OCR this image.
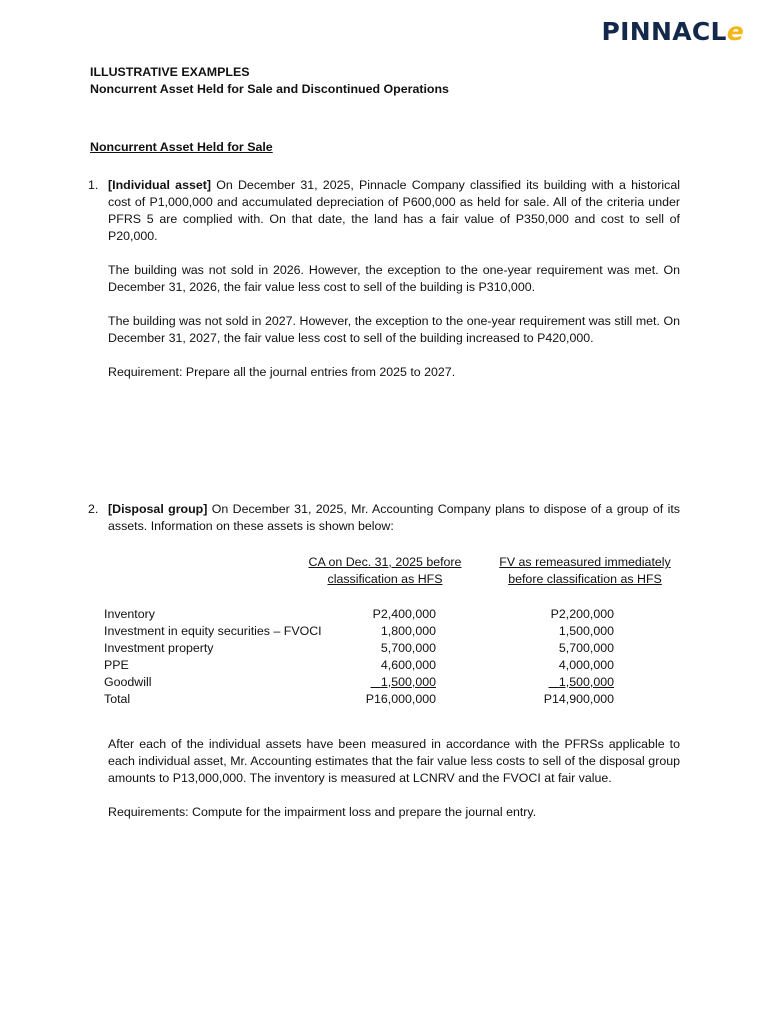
PINNACLe
ILLUSTRATIVE EXAMPLES
Noncurrent Asset Held for Sale and Discontinued Operations
Noncurrent Asset Held for Sale
1. [Individual asset] On December 31, 2025, Pinnacle Company classified its building with a historical cost of P1,000,000 and accumulated depreciation of P600,000 as held for sale. All of the criteria under PFRS 5 are complied with. On that date, the land has a fair value of P350,000 and cost to sell of P20,000.

The building was not sold in 2026. However, the exception to the one-year requirement was met. On December 31, 2026, the fair value less cost to sell of the building is P310,000.

The building was not sold in 2027. However, the exception to the one-year requirement was still met. On December 31, 2027, the fair value less cost to sell of the building increased to P420,000.

Requirement: Prepare all the journal entries from 2025 to 2027.

2. [Disposal group] On December 31, 2025, Mr. Accounting Company plans to dispose of a group of its assets. Information on these assets is shown below:

CA on Dec. 31, 2025 before
classification as HFS
FV as remeasured immediately
before classification as HFS
Inventory	P2,400,000	P2,200,000
Investment in equity securities – FVOCI	1,800,000	1,500,000
Investment property	5,700,000	5,700,000
PPE	4,600,000	4,000,000
Goodwill	1,500,000	1,500,000
Total	P16,000,000	P14,900,000

After each of the individual assets have been measured in accordance with the PFRSs applicable to each individual asset, Mr. Accounting estimates that the fair value less costs to sell of the disposal group amounts to P13,000,000. The inventory is measured at LCNRV and the FVOCI at fair value.

Requirements: Compute for the impairment loss and prepare the journal entry.
